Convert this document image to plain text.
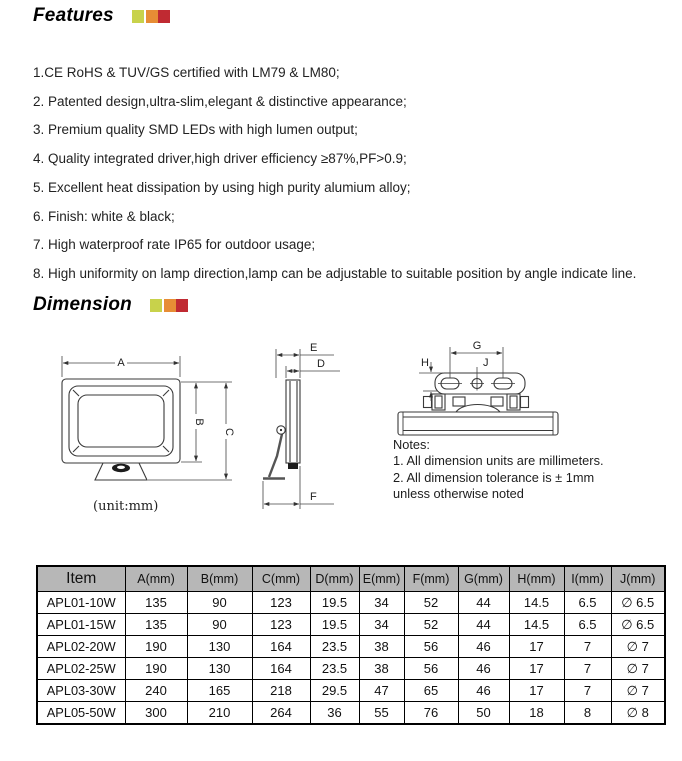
Features
1.CE RoHS & TUV/GS certified with LM79 & LM80;
2. Patented design,ultra-slim,elegant & distinctive appearance;
3. Premium quality SMD LEDs with high lumen output;
4. Quality integrated driver,high driver efficiency ≥87%,PF>0.9;
5. Excellent heat dissipation by using high purity alumium alloy;
6. Finish: white & black;
7. High waterproof rate IP65 for outdoor usage;
8. High uniformity on lamp direction,lamp can be adjustable to suitable position by angle indicate line.
Dimension
A
B
C
(unit:mm)
E
D
F
G
H	J

Notes:

1. All dimension units are millimeters.

2. All dimension tolerance is ± 1mm

unless otherwise noted

Item	A(mm)	B(mm)	C(mm)	D(mm)	E(mm)	F(mm)	G(mm)	H(mm)	I(mm)	J(mm)
APL01-10W	135	90	123	19.5	34	52	44	14.5	6.5	∅ 6.5
APL01-15W	135	90	123	19.5	34	52	44	14.5	6.5	∅ 6.5
APL02-20W	190	130	164	23.5	38	56	46	17	7	∅ 7
APL02-25W	190	130	164	23.5	38	56	46	17	7	∅ 7
APL03-30W	240	165	218	29.5	47	65	46	17	7	∅ 7
APL05-50W	300	210	264	36	55	76	50	18	8	∅ 8
